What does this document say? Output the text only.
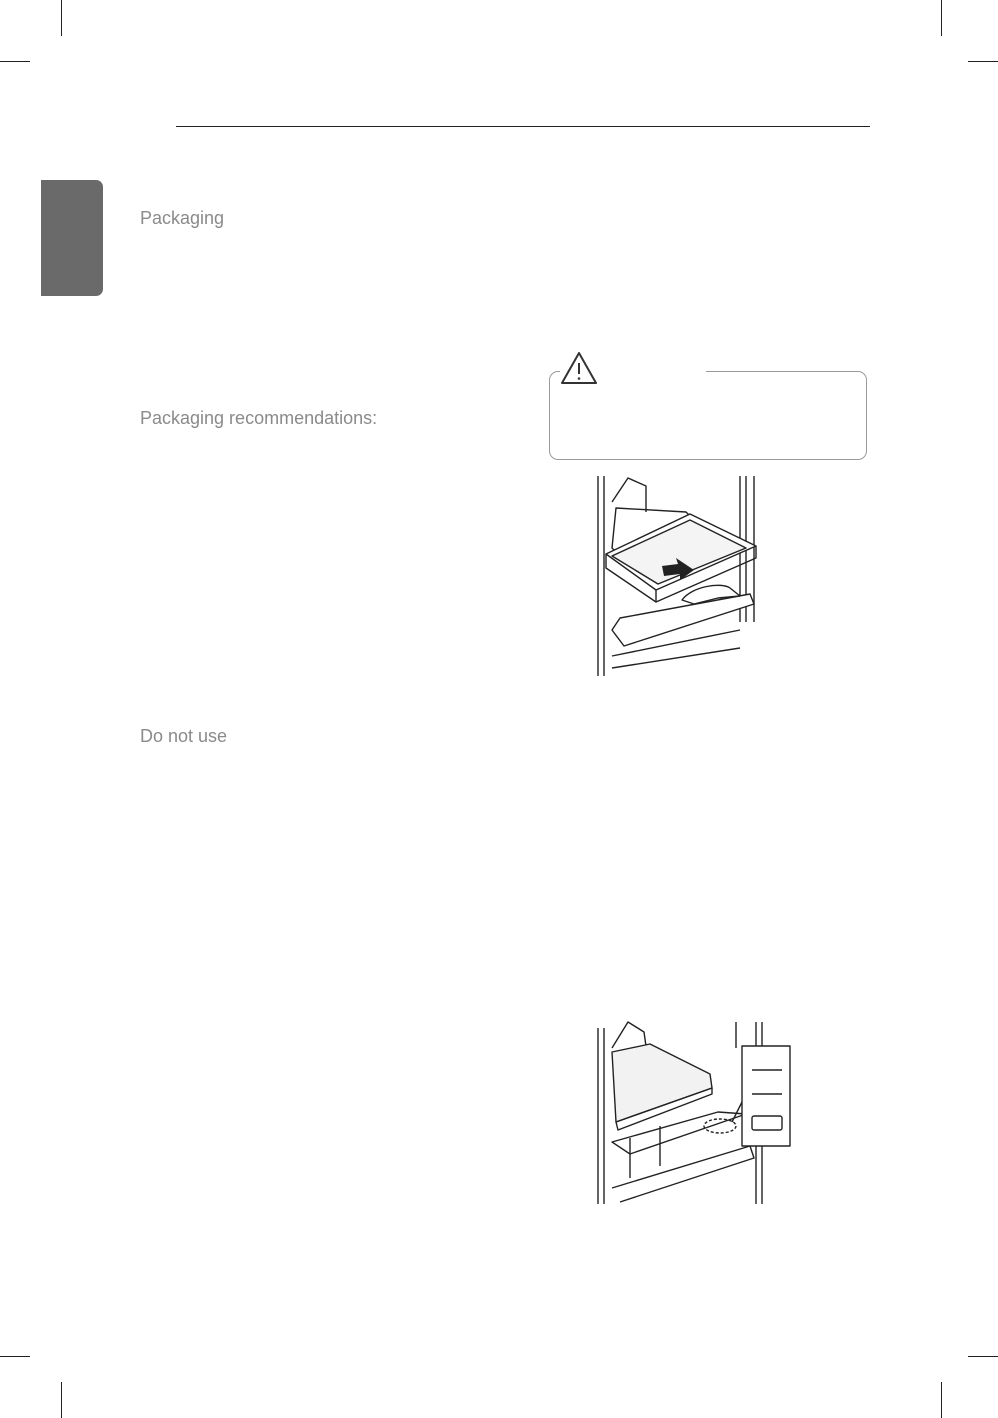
Packaging
Packaging recommendations:
Do not use
